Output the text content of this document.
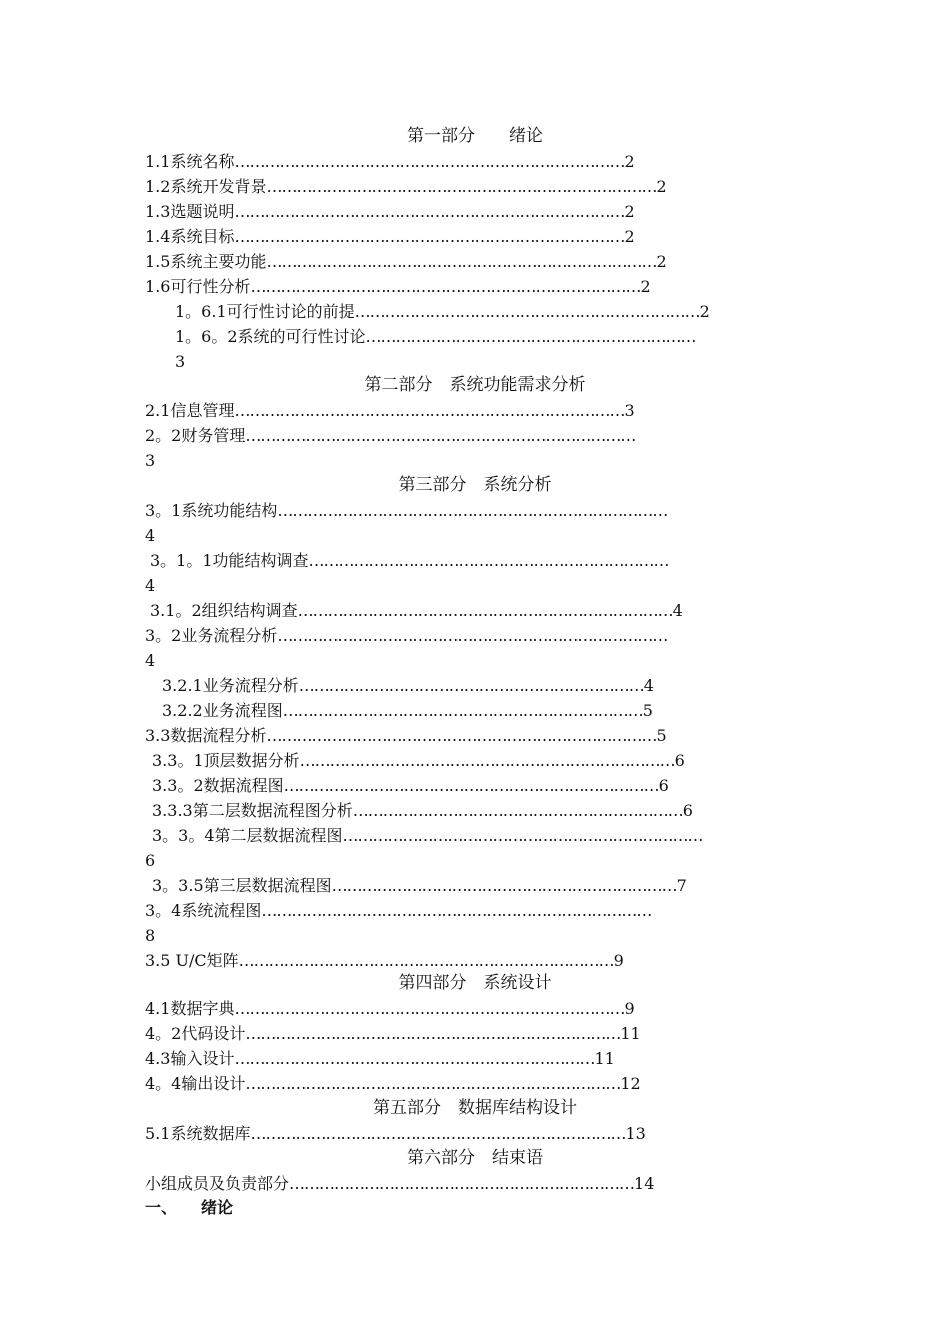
第一部分　　绪论
1.1系统名称……………………………………………………………………2
1.2系统开发背景……………………………………………………………………2
1.3选题说明……………………………………………………………………2
1.4系统目标……………………………………………………………………2
1.5系统主要功能……………………………………………………………………2
1.6可行性分析……………………………………………………………………2
1。6.1可行性讨论的前提……………………………………………………………2
1。6。2系统的可行性讨论…………………………………………………………
3
第二部分　系统功能需求分析
2.1信息管理……………………………………………………………………3
2。2财务管理……………………………………………………………………
3
第三部分　系统分析
3。1系统功能结构……………………………………………………………………
4
3。1。1功能结构调查………………………………………………………………
4
3.1。2组织结构调查…………………………………………………………………4
3。2业务流程分析……………………………………………………………………
4
3.2.1业务流程分析……………………………………………………………4
3.2.2业务流程图………………………………………………………………5
3.3数据流程分析……………………………………………………………………5
3.3。1顶层数据分析…………………………………………………………………6
3.3。2数据流程图…………………………………………………………………6
3.3.3第二层数据流程图分析…………………………………………………………6
3。3。4第二层数据流程图………………………………………………………………
6
3。3.5第三层数据流程图……………………………………………………………7
3。4系统流程图……………………………………………………………………
8
3.5 U/C矩阵…………………………………………………………………9
第四部分　系统设计
4.1数据字典……………………………………………………………………9
4。2代码设计…………………………………………………………………11
4.3输入设计………………………………………………………………11
4。4输出设计…………………………………………………………………12
第五部分　数据库结构设计
5.1系统数据库…………………………………………………………………13
第六部分　结束语
小组成员及负责部分……………………………………………………………14
一、　　绪论
